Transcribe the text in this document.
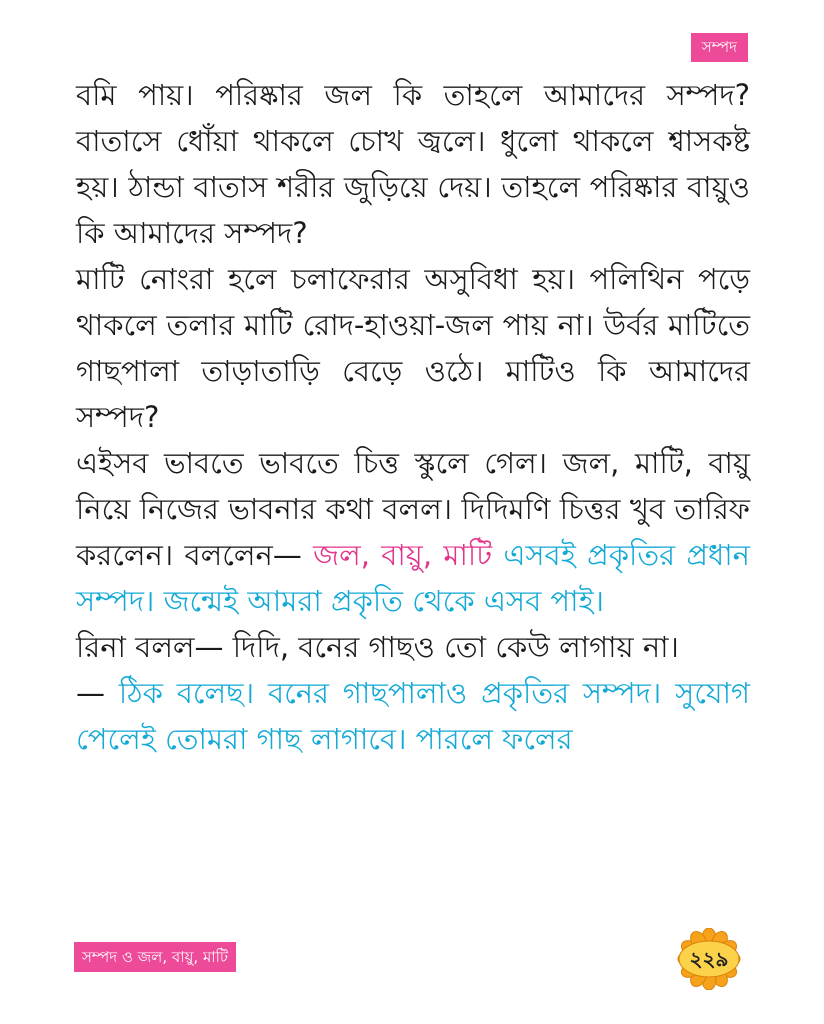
সম্পদ

বমি পায়। পরিষ্কার জল কি তাহলে আমাদের সম্পদ? বাতাসে ধোঁয়া থাকলে চোখ জ্বলে। ধুলো থাকলে শ্বাসকষ্ট হয়। ঠান্ডা বাতাস শরীর জুড়িয়ে দেয়। তাহলে পরিষ্কার বায়ুও কি আমাদের সম্পদ?

মাটি নোংরা হলে চলাফেরার অসুবিধা হয়। পলিথিন পড়ে থাকলে তলার মাটি রোদ-হাওয়া-জল পায় না। উর্বর মাটিতে গাছপালা তাড়াতাড়ি বেড়ে ওঠে। মাটিও কি আমাদের সম্পদ?

এইসব ভাবতে ভাবতে চিত্ত স্কুলে গেল। জল, মাটি, বায়ু নিয়ে নিজের ভাবনার কথা বলল। দিদিমণি চিত্তর খুব তারিফ করলেন। বললেন— জল, বায়ু, মাটি এসবই প্রকৃতির প্রধান সম্পদ। জন্মেই আমরা প্রকৃতি থেকে এসব পাই।

রিনা বলল— দিদি, বনের গাছও তো কেউ লাগায় না।

— ঠিক বলেছ। বনের গাছপালাও প্রকৃতির সম্পদ। সুযোগ পেলেই তোমরা গাছ লাগাবে। পারলে ফলের

সম্পদ ও জল, বায়ু, মাটি	২২৯
